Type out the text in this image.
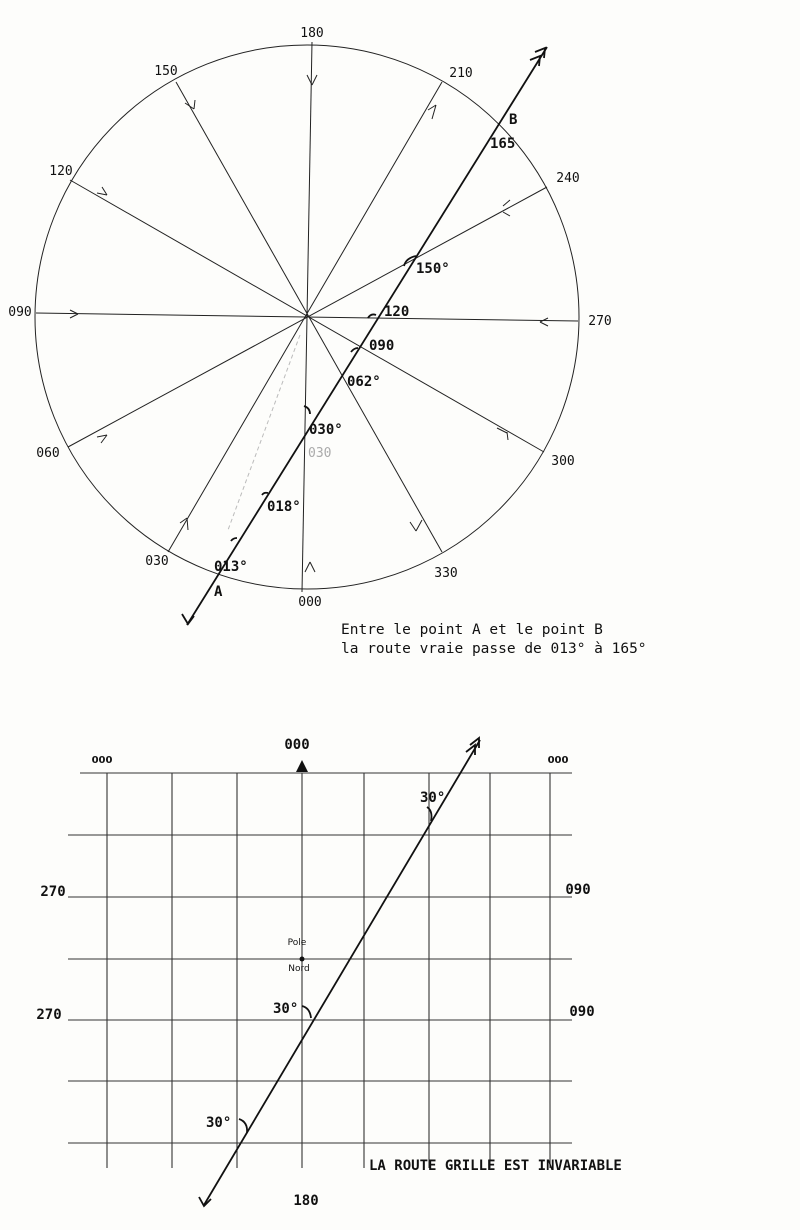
180
150	210
120	240
090
270
060
300
030
330
000
030
013°
018°
030°
062°
090
120
150°
165
A
B
Entre le point A et le point B
la route vraie passe de 013° à 165°
000
000	000
270
270
090
090
180
Pole
Nord
30°
30°
30°
LA ROUTE GRILLE EST INVARIABLE
